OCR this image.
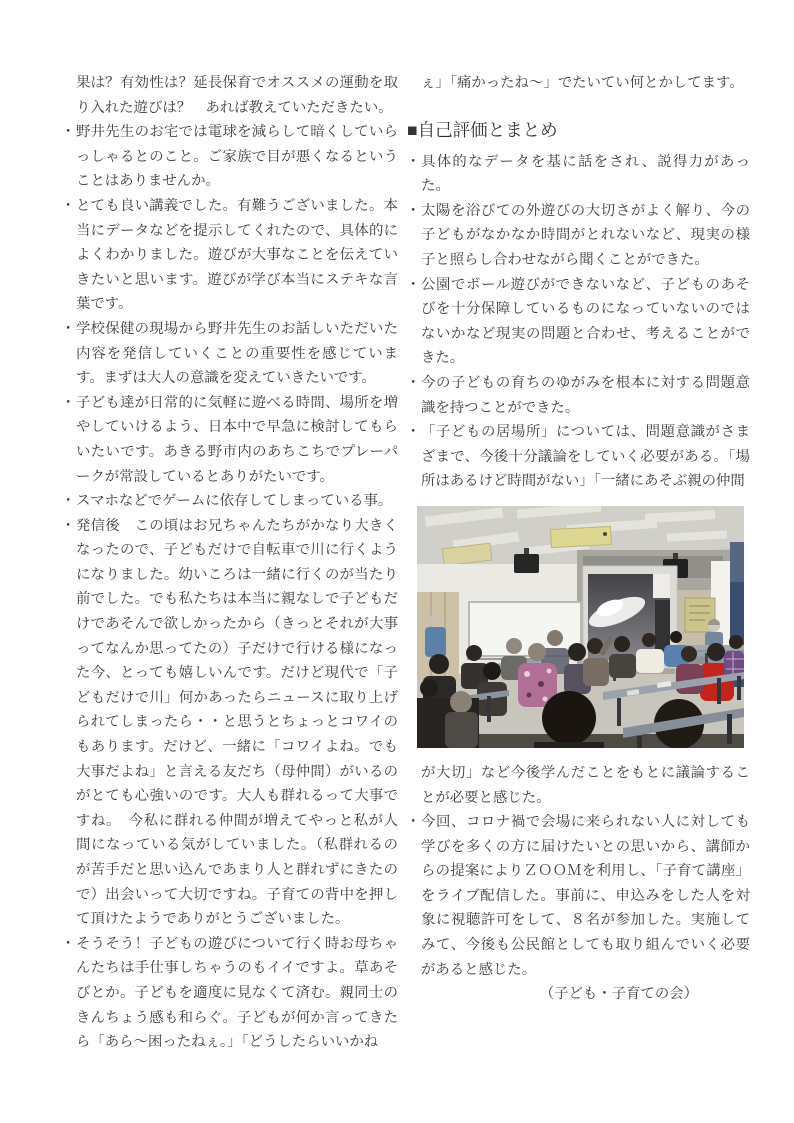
果は？有効性は？延長保育でオススメの運動を取り入れた遊びは？　あれば教えていただきたい。

・ 野井先生のお宅では電球を減らして暗くしていらっしゃるとのこと。ご家族で目が悪くなるということはありませんか。

・ とても良い講義でした。有難うございました。本当にデータなどを提示してくれたので、具体的によくわかりました。遊びが大事なことを伝えていきたいと思います。遊びが学び本当にステキな言葉です。

・ 学校保健の現場から野井先生のお話しいただいた内容を発信していくことの重要性を感じています。まずは大人の意識を変えていきたいです。

・ 子ども達が日常的に気軽に遊べる時間、場所を増やしていけるよう、日本中で早急に検討してもらいたいです。あきる野市内のあちこちでプレーパークが常設しているとありがたいです。

・ スマホなどでゲームに依存してしまっている事。

・ 発信後　この頃はお兄ちゃんたちがかなり大きくなったので、子どもだけで自転車で川に行くようになりました。幼いころは一緒に行くのが当たり前でした。でも私たちは本当に親なしで子どもだけであそんで欲しかったから（きっとそれが大事ってなんか思ってたの）子だけで行ける様になった今、とっても嬉しいんです。だけど現代で「子どもだけで川」何かあったらニュースに取り上げられてしまったら・・と思うとちょっとコワイのもあります。だけど、一緒に「コワイよね。でも大事だよね」と言える友だち（母仲間）がいるのがとても心強いのです。大人も群れるって大事ですね。　今私に群れる仲間が増えてやっと私が人間になっている気がしていました。（私群れるのが苦手だと思い込んであまり人と群れずにきたので）出会いって大切ですね。子育ての背中を押して頂けたようでありがとうございました。

・ そうそう！子どもの遊びについて行く時お母ちゃんたちは手仕事しちゃうのもイイですよ。草あそびとか。子どもを適度に見なくて済む。親同士のきんちょう感も和らぐ。子どもが何か言ってきたら「あら～困ったねぇ。」「どうしたらいいかね

ぇ」「痛かったね～」でたいてい何とかしてます。

■自己評価とまとめ

・ 具体的なデータを基に話をされ、説得力があった。

・ 太陽を浴びての外遊びの大切さがよく解り、今の子どもがなかなか時間がとれないなど、現実の様子と照らし合わせながら聞くことができた。

・ 公園でボール遊びができないなど、子どものあそびを十分保障しているものになっていないのではないかなど現実の問題と合わせ、考えることができた。

・ 今の子どもの育ちのゆがみを根本に対する問題意識を持つことができた。

・ 「子どもの居場所」については、問題意識がさまざまで、今後十分議論をしていく必要がある。「場所はあるけど時間がない」「一緒にあそぶ親の仲間

が大切」など今後学んだことをもとに議論することが必要と感じた。

・ 今回、コロナ禍で会場に来られない人に対しても学びを多くの方に届けたいとの思いから、講師からの提案によりＺＯＯＭを利用し、「子育て講座」をライブ配信した。事前に、申込みをした人を対象に視聴許可をして、８名が参加した。実施してみて、今後も公民館としても取り組んでいく必要があると感じた。

（子ども・子育ての会）
